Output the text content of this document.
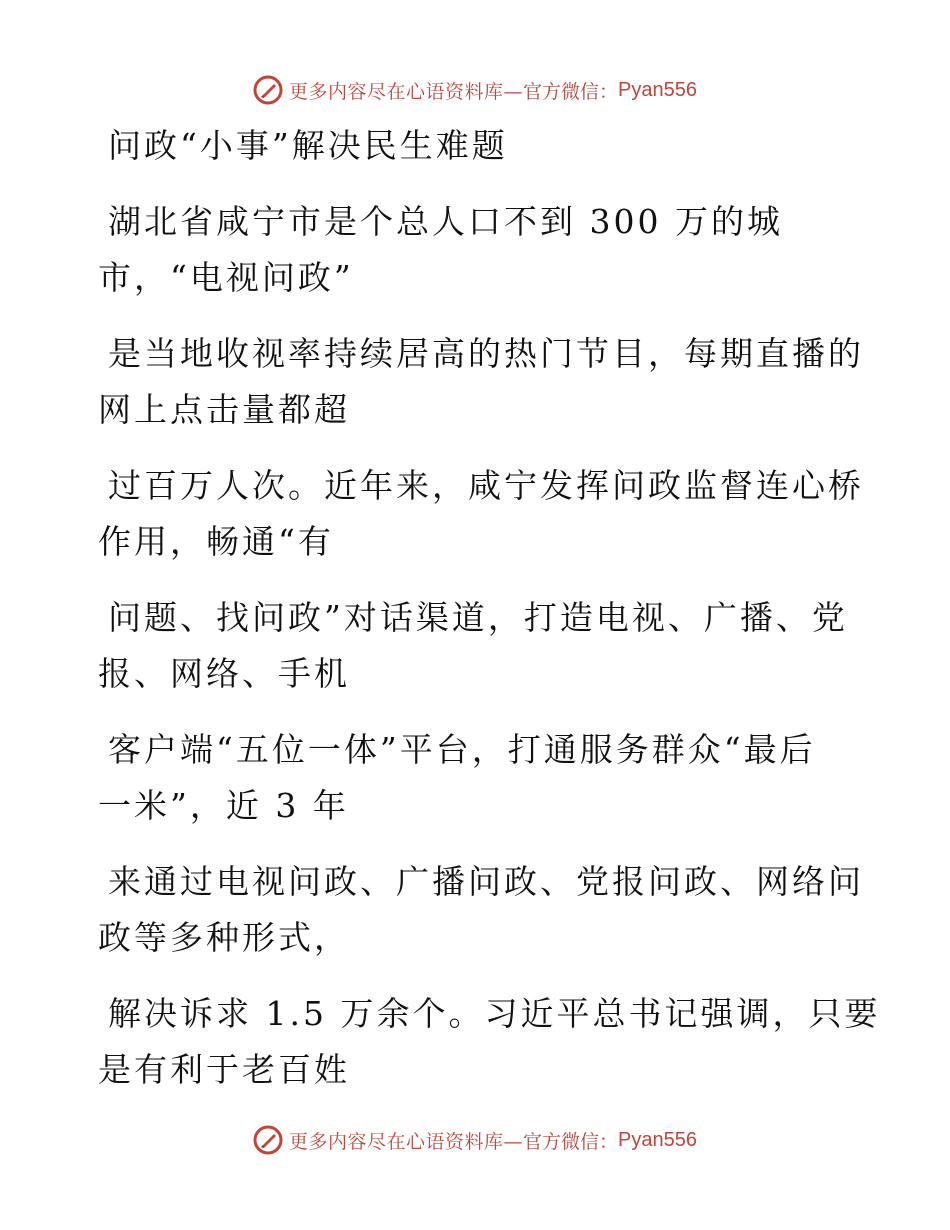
更多内容尽在心语资料库— 官方微信： Pyan556
问政“小事”解决民生难题
湖北省咸宁市是个总人口不到 300 万的城
市，“电视问政”
是当地收视率持续居高的热门节目，每期直播的
网上点击量都超
过百万人次。近年来，咸宁发挥问政监督连心桥
作用，畅通“有
问题、找问政”对话渠道，打造电视、广播、党
报、网络、手机
客户端“五位一体”平台，打通服务群众“最后
一米”，近 3 年
来通过电视问政、广播问政、党报问政、网络问
政等多种形式，
解决诉求 1.5 万余个。习近平总书记强调，只要
是有利于老百姓
更多内容尽在心语资料库— 官方微信： Pyan556
